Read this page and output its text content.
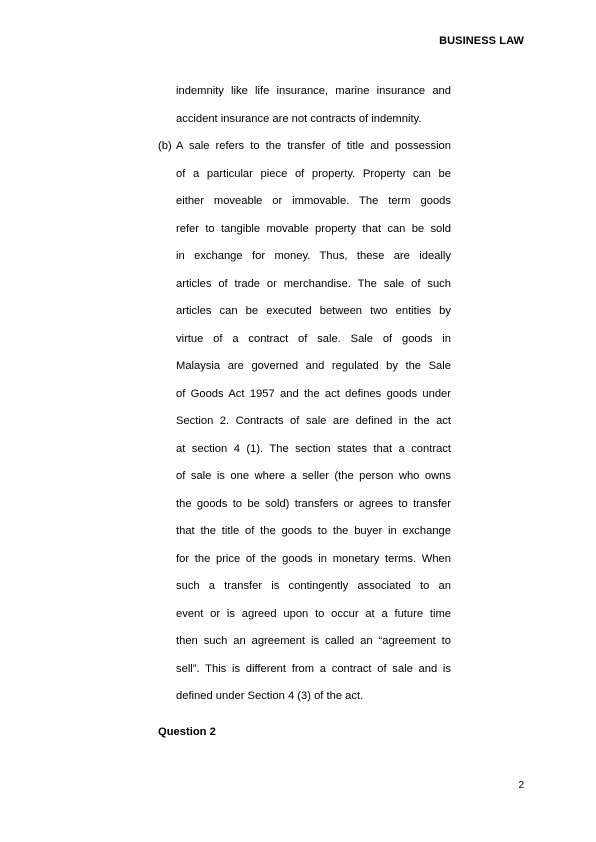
BUSINESS LAW
indemnity like life insurance, marine insurance and
accident insurance are not contracts of indemnity.
(b) A sale refers to the transfer of title and possession
of a particular piece of property. Property can be
either moveable or immovable. The term goods
refer to tangible movable property that can be sold
in exchange for money. Thus, these are ideally
articles of trade or merchandise. The sale of such
articles can be executed between two entities by
virtue of a contract of sale. Sale of goods in
Malaysia are governed and regulated by the Sale
of Goods Act 1957 and the act defines goods under
Section 2. Contracts of sale are defined in the act
at section 4 (1). The section states that a contract
of sale is one where a seller (the person who owns
the goods to be sold) transfers or agrees to transfer
that the title of the goods to the buyer in exchange
for the price of the goods in monetary terms. When
such a transfer is contingently associated to an
event or is agreed upon to occur at a future time
then such an agreement is called an “agreement to
sell”. This is different from a contract of sale and is
defined under Section 4 (3) of the act.
Question 2
2
